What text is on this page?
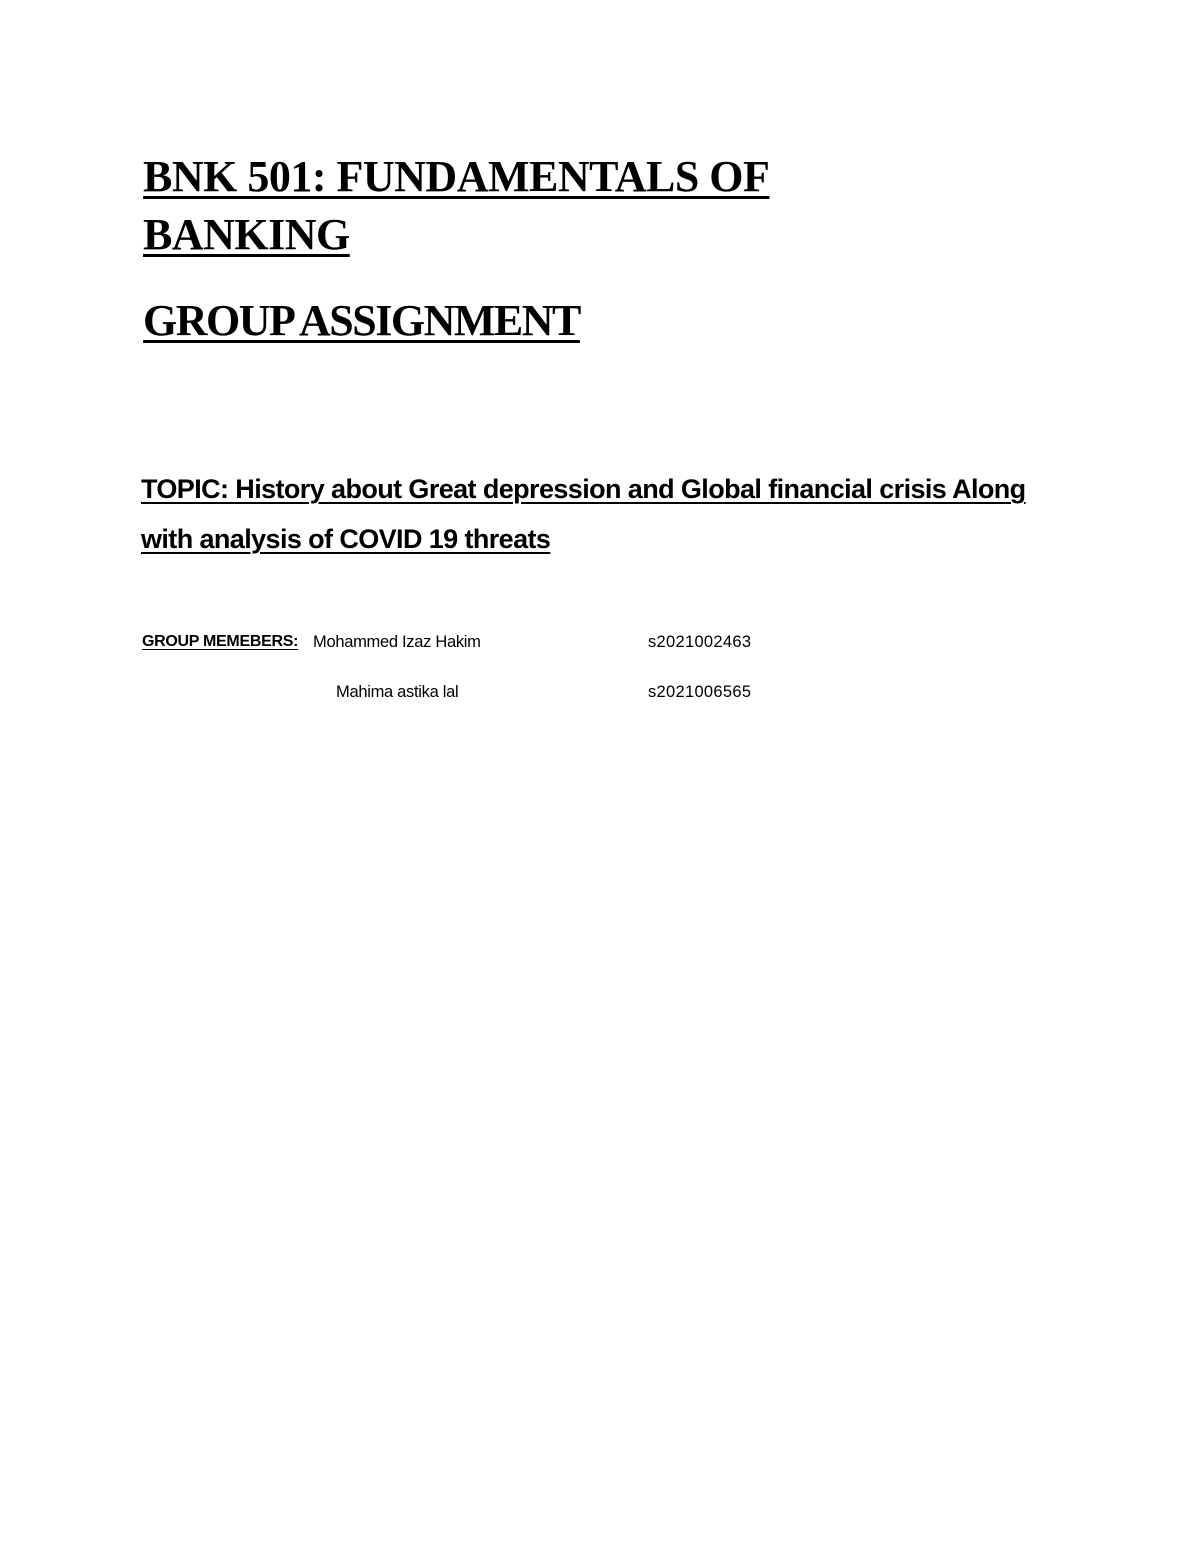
BNK 501: FUNDAMENTALS OF
BANKING
GROUP ASSIGNMENT

TOPIC: History about Great depression and Global financial crisis Along with analysis of COVID 19 threats

GROUP MEMEBERS: Mohammed Izaz Hakim	s2021002463
Mahima astika lal	s2021006565
